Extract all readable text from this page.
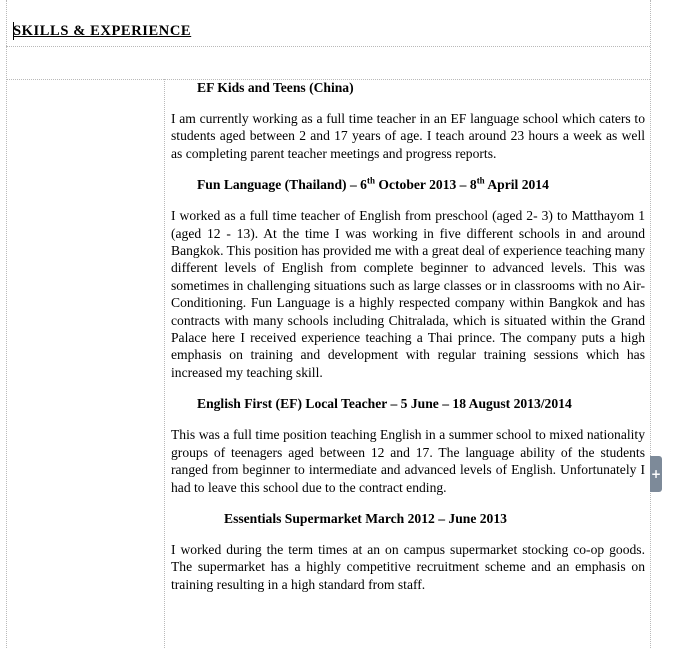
SKILLS & EXPERIENCE

EF Kids and Teens (China)

I am currently working as a full time teacher in an EF language school which caters to students aged between 2 and 17 years of age. I teach around 23 hours a week as well as completing parent teacher meetings and progress reports.

Fun Language (Thailand) – 6th October 2013 – 8th April 2014

I worked as a full time teacher of English from preschool (aged 2- 3) to Matthayom 1 (aged 12 - 13). At the time I was working in five different schools in and around Bangkok. This position has provided me with a great deal of experience teaching many different levels of English from complete beginner to advanced levels. This was sometimes in challenging situations such as large classes or in classrooms with no Air-Conditioning. Fun Language is a highly respected company within Bangkok and has contracts with many schools including Chitralada, which is situated within the Grand Palace here I received experience teaching a Thai prince. The company puts a high emphasis on training and development with regular training sessions which has increased my teaching skill.

English First (EF) Local Teacher – 5 June – 18 August 2013/2014

This was a full time position teaching English in a summer school to mixed nationality groups of teenagers aged between 12 and 17. The language ability of the students ranged from beginner to intermediate and advanced levels of English. Unfortunately I had to leave this school due to the contract ending.

Essentials Supermarket March 2012 – June 2013

I worked during the term times at an on campus supermarket stocking co-op goods. The supermarket has a highly competitive recruitment scheme and an emphasis on training resulting in a high standard from staff.

+
